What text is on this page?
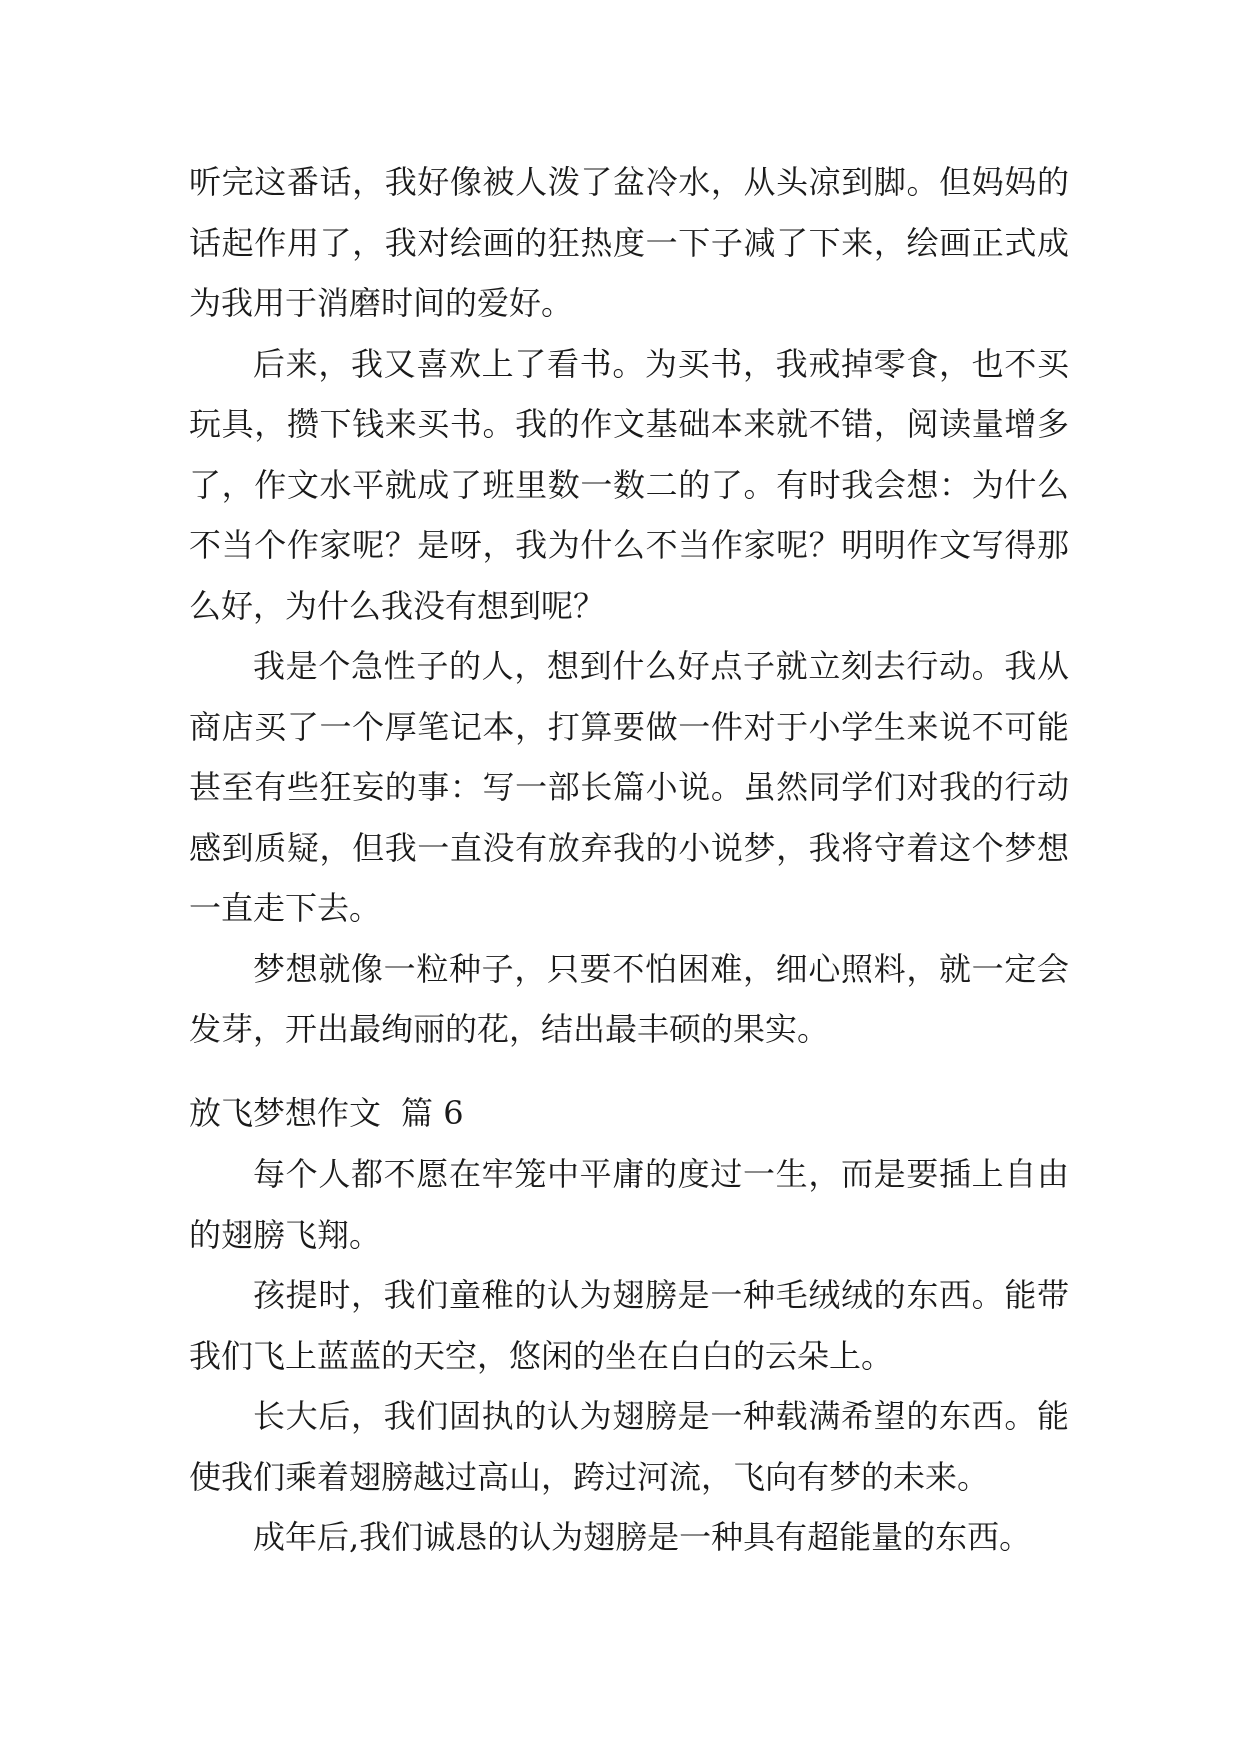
听完这番话，我好像被人泼了盆冷水，从头凉到脚。但妈妈的话起作用了，我对绘画的狂热度一下子减了下来，绘画正式成为我用于消磨时间的爱好。

后来，我又喜欢上了看书。为买书，我戒掉零食，也不买玩具，攒下钱来买书。我的作文基础本来就不错，阅读量增多了，作文水平就成了班里数一数二的了。有时我会想：为什么不当个作家呢？是呀，我为什么不当作家呢？明明作文写得那么好，为什么我没有想到呢？

我是个急性子的人，想到什么好点子就立刻去行动。我从商店买了一个厚笔记本，打算要做一件对于小学生来说不可能甚至有些狂妄的事：写一部长篇小说。虽然同学们对我的行动感到质疑，但我一直没有放弃我的小说梦，我将守着这个梦想一直走下去。

梦想就像一粒种子，只要不怕困难，细心照料，就一定会发芽，开出最绚丽的花，结出最丰硕的果实。

放飞梦想作文 篇 6

每个人都不愿在牢笼中平庸的度过一生，而是要插上自由的翅膀飞翔。

孩提时，我们童稚的认为翅膀是一种毛绒绒的东西。能带我们飞上蓝蓝的天空，悠闲的坐在白白的云朵上。

长大后，我们固执的认为翅膀是一种载满希望的东西。能使我们乘着翅膀越过高山，跨过河流，飞向有梦的未来。

成年后,我们诚恳的认为翅膀是一种具有超能量的东西。
